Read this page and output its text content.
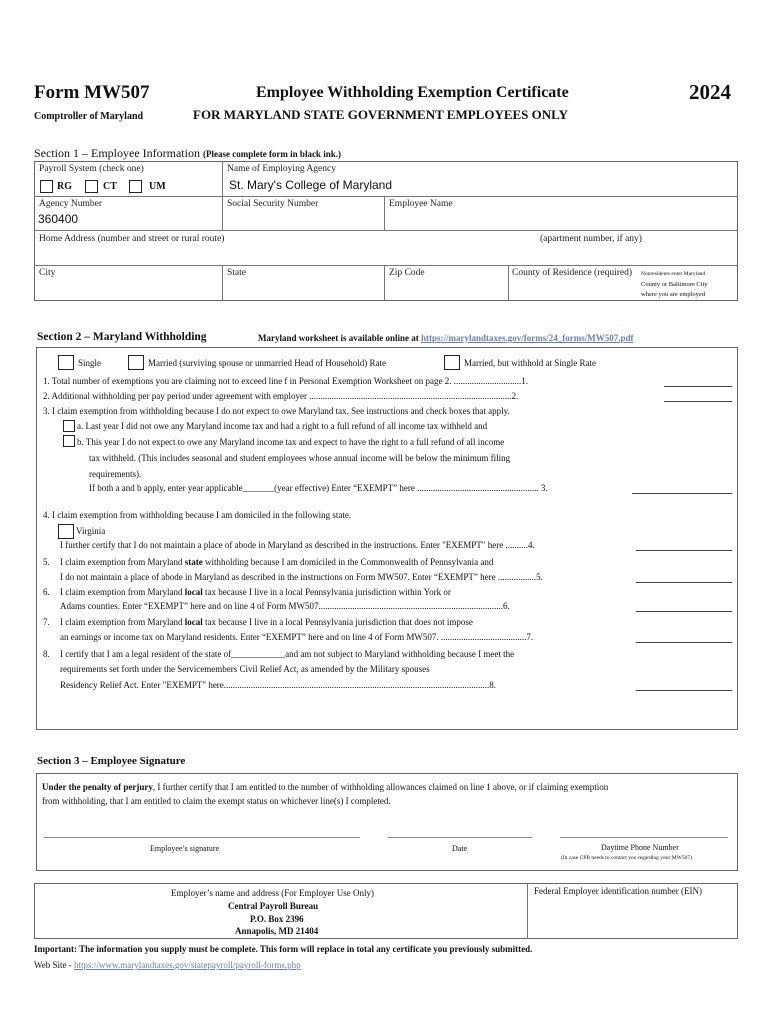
Form MW507
Comptroller of Maryland
Employee Withholding Exemption Certificate
FOR MARYLAND STATE GOVERNMENT EMPLOYEES ONLY
2024
Section 1 – Employee Information (Please complete form in black ink.)
Payroll System (check one)
RG	CT	UM
Name of Employing Agency
St. Mary's College of Maryland
Agency Number
360400
Social Security Number	Employee Name
Home Address (number and street or rural route)	(apartment number, if any)
City	State	Zip Code	County of Residence (required) Nonresidents enter Maryland
County or Baltimore City
where you are employed
Section 2 – Maryland Withholding	Maryland worksheet is available online at https://marylandtaxes.gov/forms/24_forms/MW507.pdf
Single	Married (surviving spouse or unmarried Head of Household) Rate	Married, but withhold at Single Rate
1. Total number of exemptions you are claiming not to exceed line f in Personal Exemption Worksheet on page 2. ..............................1.
2. Additional withholding per pay period under agreement with employer ..........................................................................................2.
3. I claim exemption from withholding because I do not expect to owe Maryland tax. See instructions and check boxes that apply.
a. Last year I did not owe any Maryland income tax and had a right to a full refund of all income tax withheld and
b. This year I do not expect to owe any Maryland income tax and expect to have the right to a full refund of all income
tax withheld. (This includes seasonal and student employees whose annual income will be below the minimum filing
requirements).
If both a and b apply, enter year applicable_______(year effective) Enter “EXEMPT” here ...................................................... 3.
4. I claim exemption from withholding because I am domiciled in the following state.
Virginia
I further certify that I do not maintain a place of abode in Maryland as described in the instructions. Enter "EXEMPT" here ..........4.
5. I claim exemption from Maryland state withholding because I am domiciled in the Commonwealth of Pennsylvania and
I do not maintain a place of abode in Maryland as described in the instructions on Form MW507. Enter “EXEMPT” here .................5.
6. I claim exemption from Maryland local tax because I live in a local Pennsylvania jurisdiction within York or
Adams counties. Enter “EXEMPT” here and on line 4 of Form MW507..................................................................................6.
7. I claim exemption from Maryland local tax because I live in a local Pennsylvania jurisdiction that does not impose
an earnings or income tax on Maryland residents. Enter “EXEMPT” here and on line 4 of Form MW507. ......................................7.
8. I certify that I am a legal resident of the state of____________and am not subject to Maryland withholding because I meet the
requirements set forth under the Servicemembers Civil Relief Act, as amended by the Military spouses
Residency Relief Act. Enter "EXEMPT" here......................................................................................................................8.
Section 3 – Employee Signature
Under the penalty of perjury, I further certify that I am entitled to the number of withholding allowances claimed on line 1 above, or if claiming exemption
from withholding, that I am entitled to claim the exempt status on whichever line(s) I completed.
Employee’s signature	Date	Daytime Phone Number
(In case CPB needs to contact you regarding your MW507)
Employer’s name and address (For Employer Use Only)
Central Payroll Bureau
P.O. Box 2396
Annapolis, MD 21404
Federal Employer identification number (EIN)
Important: The information you supply must be complete. This form will replace in total any certificate you previously submitted.
Web Site - https://www.marylandtaxes.gov/statepayroll/payroll-forms.php
